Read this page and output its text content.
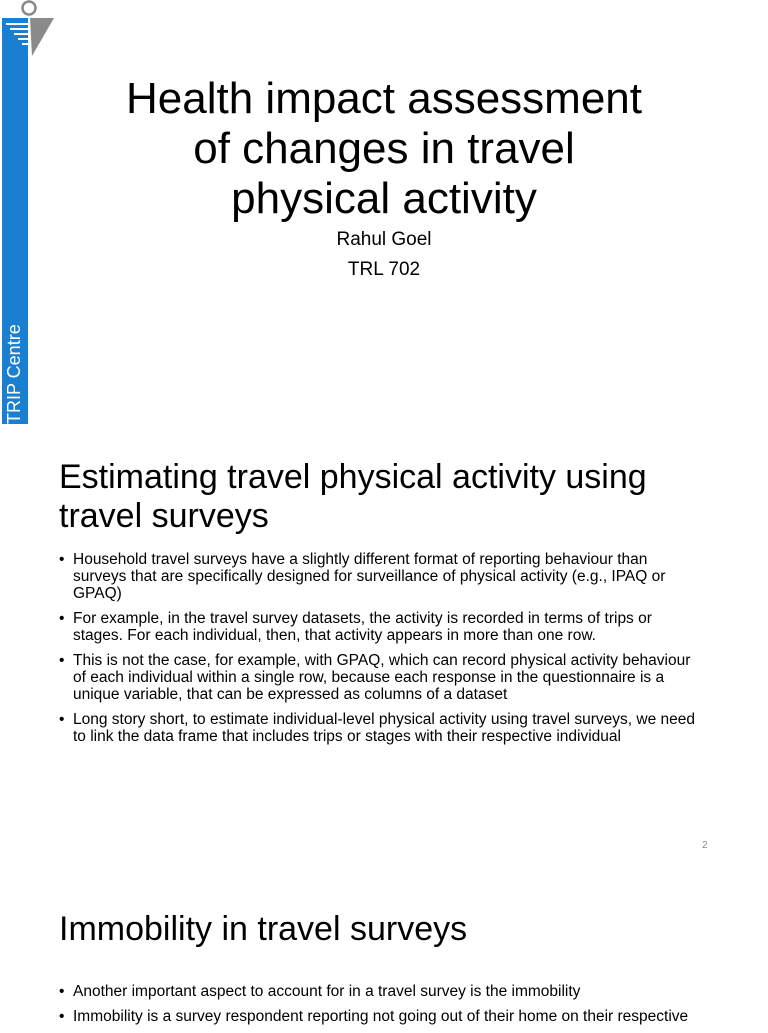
TRIP Centre
Health impact assessment
of changes in travel
physical activity
Rahul Goel
TRL 702
Estimating travel physical activity using travel surveys
• Household travel surveys have a slightly different format of reporting behaviour than surveys that are specifically designed for surveillance of physical activity (e.g., IPAQ or GPAQ)
• For example, in the travel survey datasets, the activity is recorded in terms of trips or stages. For each individual, then, that activity appears in more than one row.
• This is not the case, for example, with GPAQ, which can record physical activity behaviour of each individual within a single row, because each response in the questionnaire is a unique variable, that can be expressed as columns of a dataset
• Long story short, to estimate individual-level physical activity using travel surveys, we need to link the data frame that includes trips or stages with their respective individual
2
Immobility in travel surveys
• Another important aspect to account for in a travel survey is the immobility
• Immobility is a survey respondent reporting not going out of their home on their respective
